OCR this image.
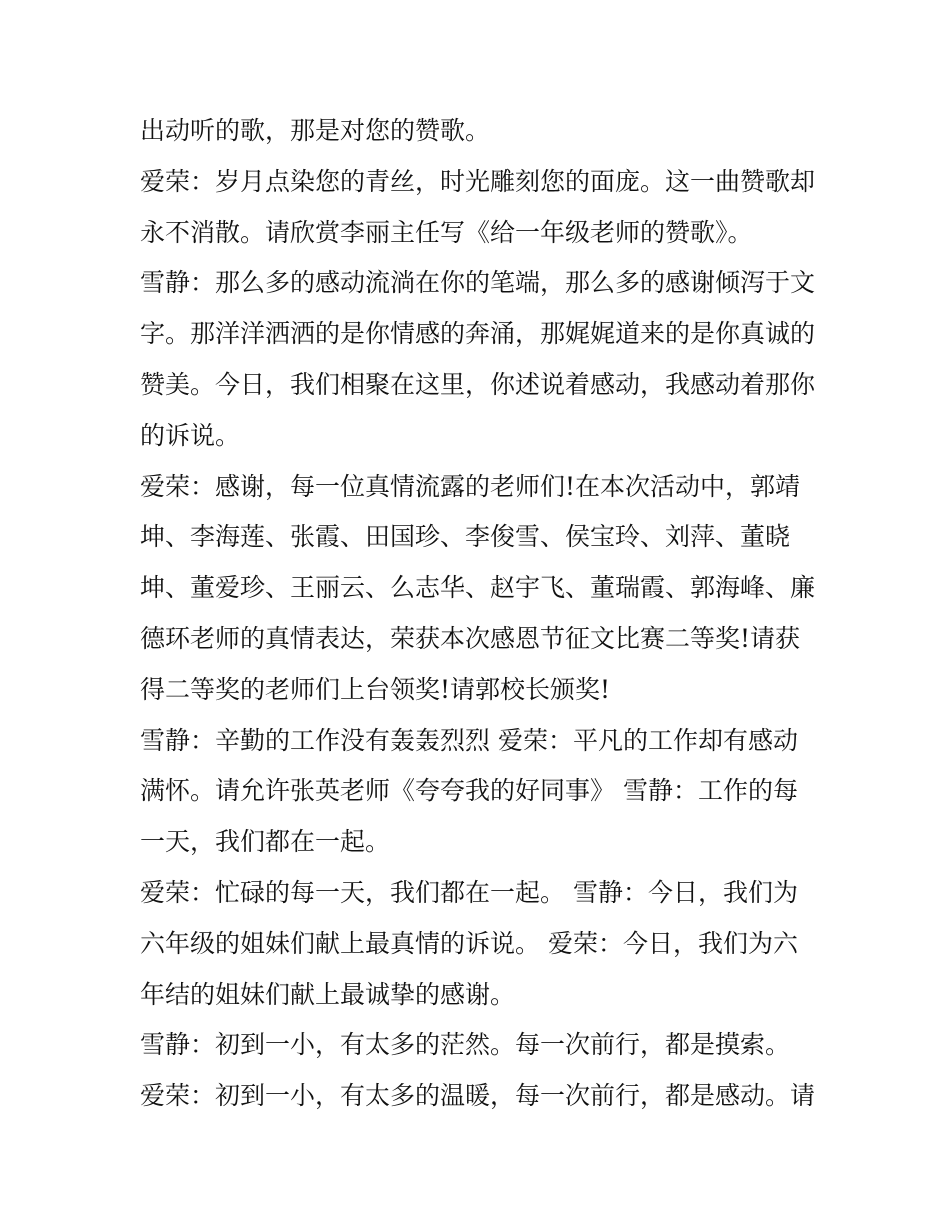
出动听的歌，那是对您的赞歌。
爱荣：岁月点染您的青丝，时光雕刻您的面庞。这一曲赞歌却
永不消散。请欣赏李丽主任写《给一年级老师的赞歌》。
雪静：那么多的感动流淌在你的笔端，那么多的感谢倾泻于文
字。那洋洋洒洒的是你情感的奔涌，那娓娓道来的是你真诚的
赞美。今日，我们相聚在这里，你述说着感动，我感动着那你
的诉说。
爱荣：感谢，每一位真情流露的老师们!在本次活动中，郭靖
坤、李海莲、张霞、田国珍、李俊雪、侯宝玲、刘萍、董晓
坤、董爱珍、王丽云、么志华、赵宇飞、董瑞霞、郭海峰、廉
德环老师的真情表达，荣获本次感恩节征文比赛二等奖!请获
得二等奖的老师们上台领奖!请郭校长颁奖!
雪静：辛勤的工作没有轰轰烈烈 爱荣：平凡的工作却有感动
满怀。请允许张英老师《夸夸我的好同事》 雪静：工作的每
一天，我们都在一起。
爱荣：忙碌的每一天，我们都在一起。 雪静：今日，我们为
六年级的姐妹们献上最真情的诉说。 爱荣：今日，我们为六
年结的姐妹们献上最诚挚的感谢。
雪静：初到一小，有太多的茫然。每一次前行，都是摸索。
爱荣：初到一小，有太多的温暖，每一次前行，都是感动。请
